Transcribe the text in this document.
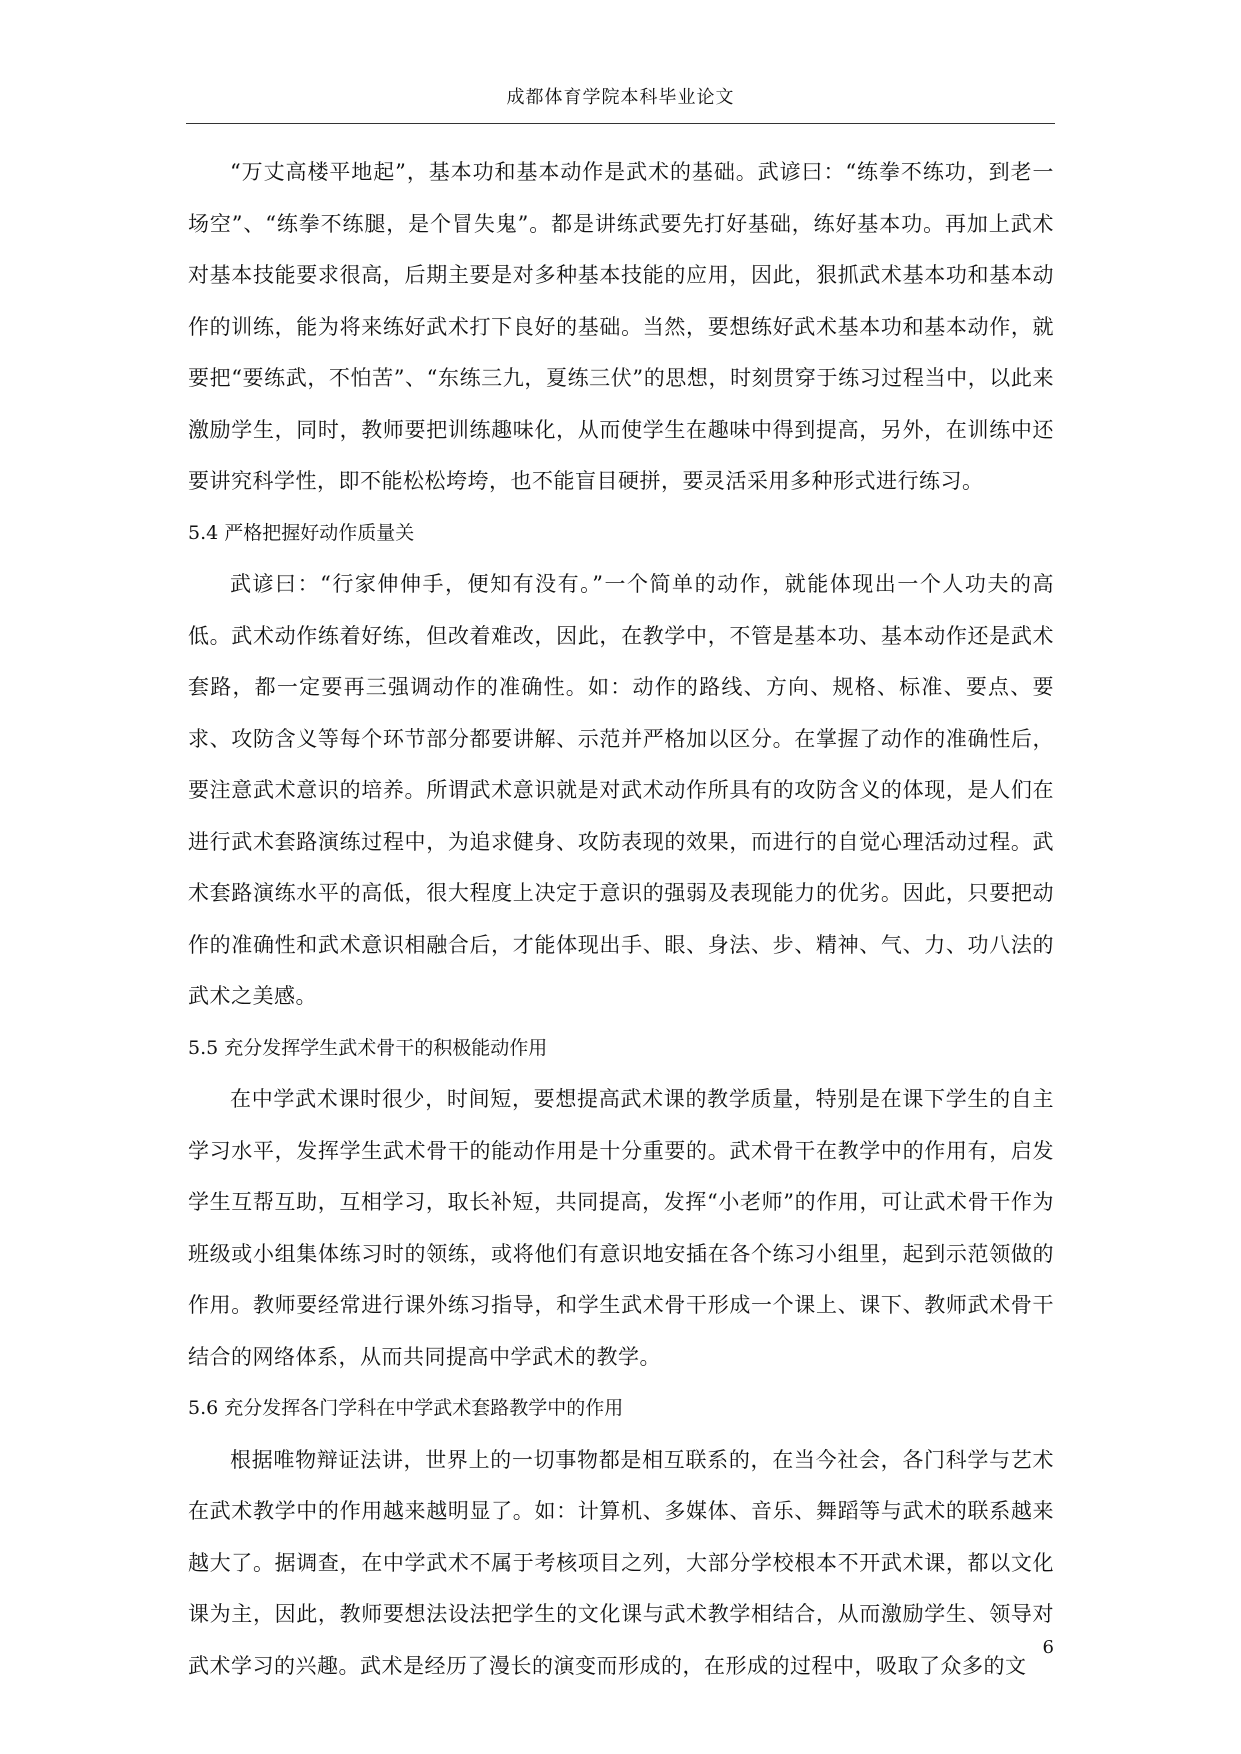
成都体育学院本科毕业论文

“万丈高楼平地起”，基本功和基本动作是武术的基础。武谚曰：“练拳不练功，到老一场空”、“练拳不练腿，是个冒失鬼”。都是讲练武要先打好基础，练好基本功。再加上武术对基本技能要求很高，后期主要是对多种基本技能的应用，因此，狠抓武术基本功和基本动作的训练，能为将来练好武术打下良好的基础。当然，要想练好武术基本功和基本动作，就要把“要练武，不怕苦”、“东练三九，夏练三伏”的思想，时刻贯穿于练习过程当中，以此来激励学生，同时，教师要把训练趣味化，从而使学生在趣味中得到提高，另外，在训练中还要讲究科学性，即不能松松垮垮，也不能盲目硬拼，要灵活采用多种形式进行练习。

5.4 严格把握好动作质量关

武谚曰：“行家伸伸手，便知有没有。”一个简单的动作，就能体现出一个人功夫的高低。武术动作练着好练，但改着难改，因此，在教学中，不管是基本功、基本动作还是武术套路，都一定要再三强调动作的准确性。如：动作的路线、方向、规格、标准、要点、要求、攻防含义等每个环节部分都要讲解、示范并严格加以区分。在掌握了动作的准确性后，要注意武术意识的培养。所谓武术意识就是对武术动作所具有的攻防含义的体现，是人们在进行武术套路演练过程中，为追求健身、攻防表现的效果，而进行的自觉心理活动过程。武术套路演练水平的高低，很大程度上决定于意识的强弱及表现能力的优劣。因此，只要把动作的准确性和武术意识相融合后，才能体现出手、眼、身法、步、精神、气、力、功八法的武术之美感。

5.5 充分发挥学生武术骨干的积极能动作用

在中学武术课时很少，时间短，要想提高武术课的教学质量，特别是在课下学生的自主学习水平，发挥学生武术骨干的能动作用是十分重要的。武术骨干在教学中的作用有，启发学生互帮互助，互相学习，取长补短，共同提高，发挥“小老师”的作用，可让武术骨干作为班级或小组集体练习时的领练，或将他们有意识地安插在各个练习小组里，起到示范领做的作用。教师要经常进行课外练习指导，和学生武术骨干形成一个课上、课下、教师武术骨干结合的网络体系，从而共同提高中学武术的教学。

5.6 充分发挥各门学科在中学武术套路教学中的作用

根据唯物辩证法讲，世界上的一切事物都是相互联系的，在当今社会，各门科学与艺术在武术教学中的作用越来越明显了。如：计算机、多媒体、音乐、舞蹈等与武术的联系越来越大了。据调查，在中学武术不属于考核项目之列，大部分学校根本不开武术课，都以文化课为主，因此，教师要想法设法把学生的文化课与武术教学相结合，从而激励学生、领导对武术学习的兴趣。武术是经历了漫长的演变而形成的，在形成的过程中，吸取了众多的文

6
